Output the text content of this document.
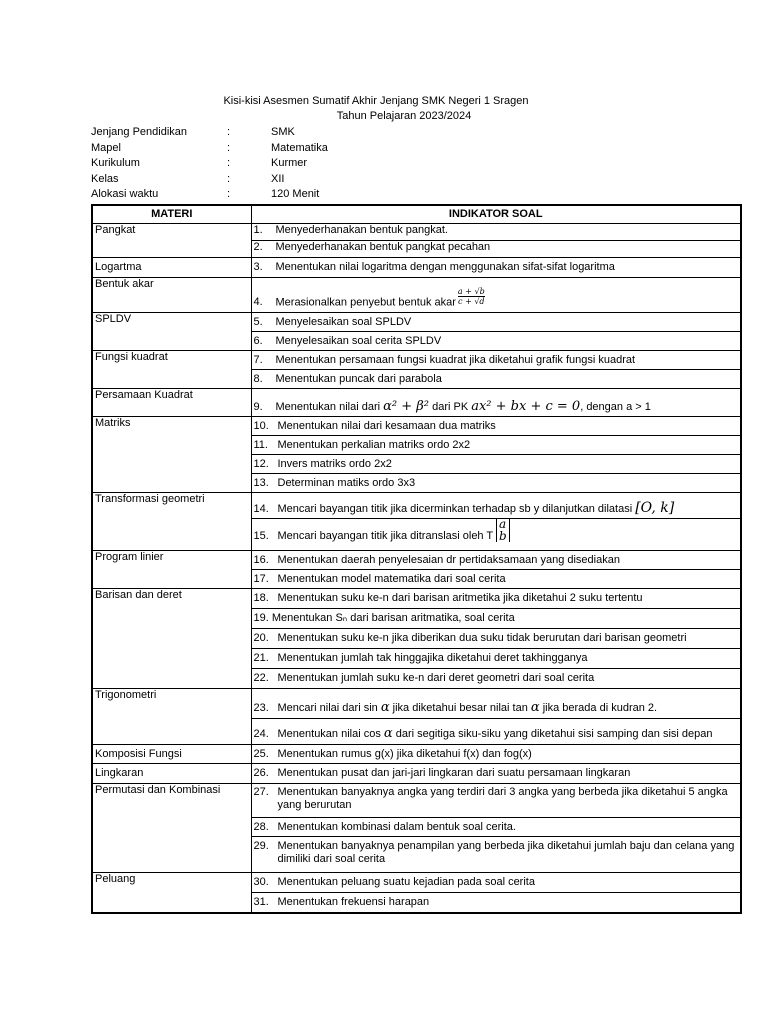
Kisi-kisi Asesmen Sumatif Akhir Jenjang SMK Negeri 1 Sragen
Tahun Pelajaran 2023/2024
Jenjang Pendidikan	:	SMK
Mapel	:	Matematika
Kurikulum	:	Kurmer
Kelas	:	XII
Alokasi waktu	:	120 Menit
MATERI	INDIKATOR SOAL
Pangkat	1. Menyederhanakan bentuk pangkat.
	2. Menyederhanakan bentuk pangkat pecahan
Logartma	3. Menentukan nilai logaritma dengan menggunakan sifat-sifat logaritma
Bentuk akar	4. Merasionalkan penyebut bentuk akar $\frac{a + √b}{c + √d}$

SPLDV	5. Menyelesaikan soal SPLDV
	6. Menyelesaikan soal cerita SPLDV
Fungsi kuadrat	7. Menentukan persamaan fungsi kuadrat jika diketahui grafik fungsi kuadrat
	8. Menentukan puncak dari parabola
Persamaan Kuadrat	9. Menentukan nilai dari α² + β² dari PK ax² + bx + c = 0, dengan a > 1
Matriks	10. Menentukan nilai dari kesamaan dua matriks
	11. Menentukan perkalian matriks ordo 2x2
	12. Invers matriks ordo 2x2
	13. Determinan matiks ordo 3x3
Transformasi geometri	14. Mencari bayangan titik jika dicerminkan terhadap sb y dilanjutkan dilatasi [O, k]
	15. Mencari bayangan titik jika ditranslasi oleh T
a
b

Program linier	16. Menentukan daerah penyelesaian dr pertidaksamaan yang disediakan
	17. Menentukan model matematika dari soal cerita
Barisan dan deret	18. Menentukan suku ke-n dari barisan aritmetika jika diketahui 2 suku tertentu
	19. Menentukan Sₙ dari barisan aritmatika, soal cerita
	20. Menentukan suku ke-n jika diberikan dua suku tidak berurutan dari barisan geometri
	21. Menentukan jumlah tak hinggajika diketahui deret takhingganya
	22. Menentukan jumlah suku ke-n dari deret geometri dari soal cerita
Trigonometri	23. Mencari nilai dari sin α jika diketahui besar nilai tan α jika berada di kudran 2.
	24. Menentukan nilai cos α dari segitiga siku-siku yang diketahui sisi samping dan sisi depan
Komposisi Fungsi	25. Menentukan rumus g(x) jika diketahui f(x) dan fog(x)
Lingkaran	26. Menentukan pusat dan jari-jari lingkaran dari suatu persamaan lingkaran
Permutasi dan Kombinasi	27. Menentukan banyaknya angka yang terdiri dari 3 angka yang berbeda jika diketahui 5 angka yang berurutan

	28. Menentukan kombinasi dalam bentuk soal cerita.

	29. Menentukan banyaknya penampilan yang berbeda jika diketahui jumlah baju dan celana yang dimiliki dari soal cerita

Peluang	30. Menentukan peluang suatu kejadian pada soal cerita
	31. Menentukan frekuensi harapan
